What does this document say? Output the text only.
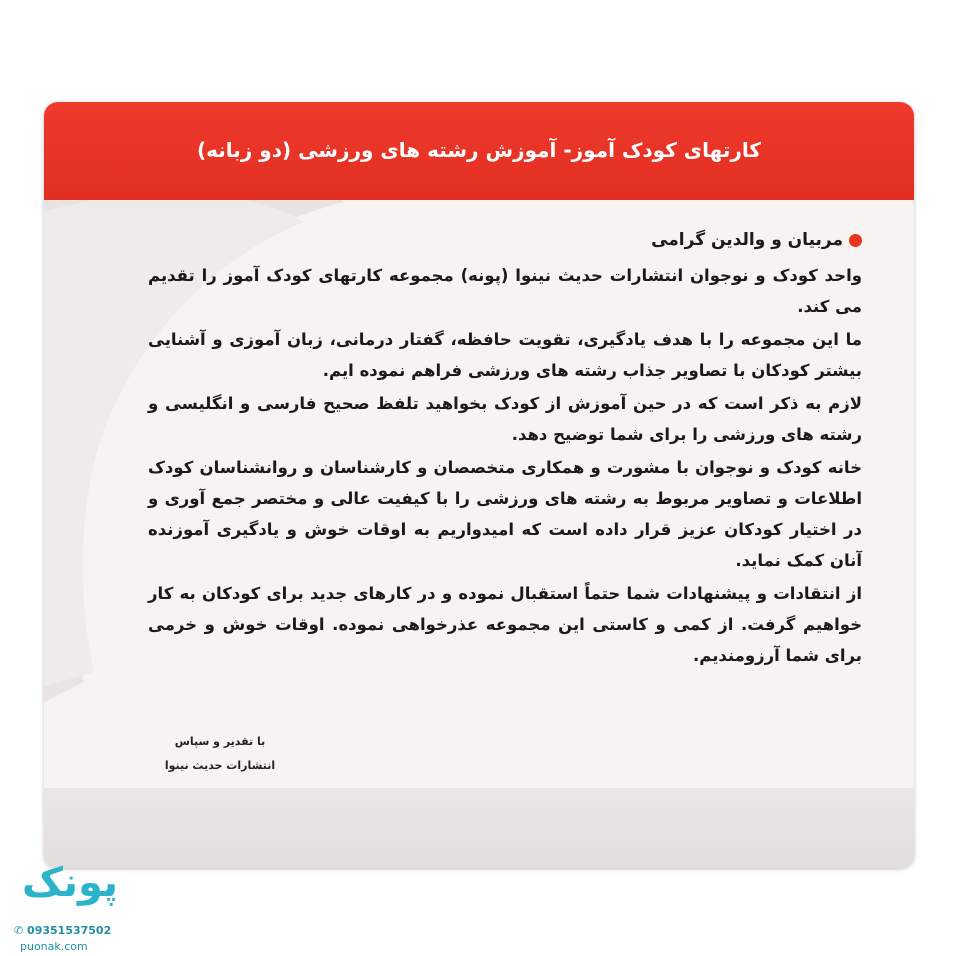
کارتهای کودک آموز- آموزش رشته های ورزشی (دو زبانه)
مربیان و والدین گرامی

واحد کودک و نوجوان انتشارات حدیث نینوا (پونه) مجموعه کارتهای کودک آموز را تقدیم می کند.

ما این مجموعه را با هدف یادگیری، تقویت حافظه، گفتار درمانی، زبان آموزی و آشنایی بیشتر کودکان با تصاویر جذاب رشته های ورزشی فراهم نموده ایم.

لازم به ذکر است که در حین آموزش از کودک بخواهید تلفظ صحیح فارسی و انگلیسی و رشته های ورزشی را برای شما توضیح دهد.

خانه کودک و نوجوان با مشورت و همکاری متخصصان و کارشناسان و روانشناسان کودک اطلاعات و تصاویر مربوط به رشته های ورزشی را با کیفیت عالی و مختصر جمع آوری و در اختیار کودکان عزیز قرار داده است که امیدواریم به اوقات خوش و یادگیری آموزنده آنان کمک نماید.

از انتقادات و پیشنهادات شما حتماً استقبال نموده و در کارهای جدید برای کودکان به کار خواهیم گرفت. از کمی و کاستی این مجموعه عذرخواهی نموده. اوقات خوش و خرمی برای شما آرزومندیم.

با تقدیر و سپاس
انتشارات حدیث نینوا
پونک
✆ 09351537502
puonak.com
